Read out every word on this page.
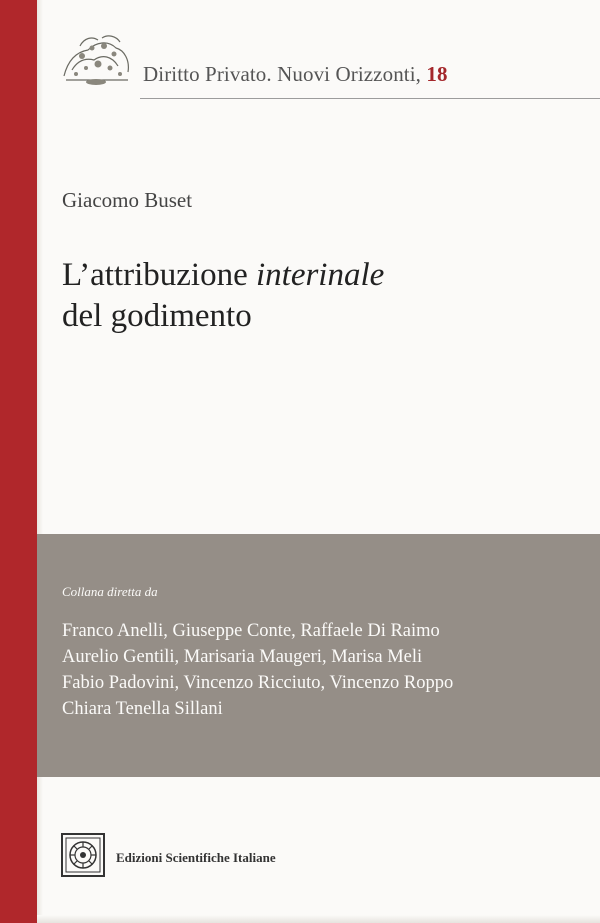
Diritto Privato. Nuovi Orizzonti, 18
Giacomo Buset
L’attribuzione interinale
del godimento
Collana diretta da
Franco Anelli, Giuseppe Conte, Raffaele Di Raimo
Aurelio Gentili, Marisaria Maugeri, Marisa Meli
Fabio Padovini, Vincenzo Ricciuto, Vincenzo Roppo
Chiara Tenella Sillani
Edizioni Scientifiche Italiane
